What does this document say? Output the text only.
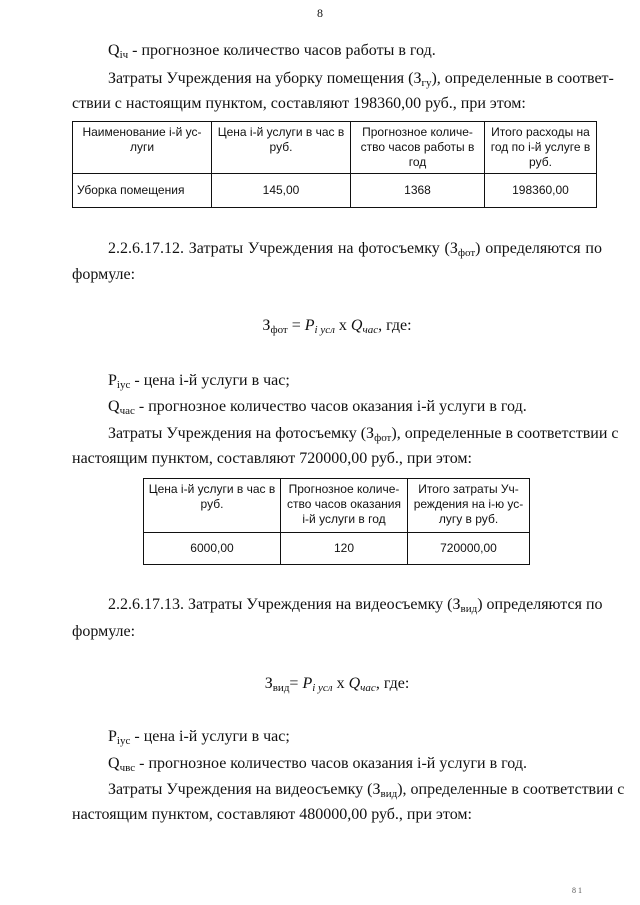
8
$Q_{iч}$ - прогнозное количество часов работы в год.
Затраты Учреждения на уборку помещения $(З_{гу})$, определенные в соответ-
ствии с настоящим пунктом, составляют 198360,00 руб., при этом:
Наименование i-й ус-луги	Цена i-й услуги в час в руб.	Прогнозное количе-ство часов работы в год	Итого расходы на год по i-й услуге в руб.
Уборка помещения	145,00	1368	198360,00
2.2.6.17.12. Затраты Учреждения на фотосъемку $(З_{фот})$ определяются по
формуле:
$З_{фот} = P_{i усл}$ х $Q_{час}$, где:
$P_{iус}$ - цена i-й услуги в час;
$Q_{час}$ - прогнозное количество часов оказания i-й услуги в год.
Затраты Учреждения на фотосъемку $(З_{фот})$, определенные в соответствии с
настоящим пунктом, составляют 720000,00 руб., при этом:
Цена i-й услуги в час в руб.	Прогнозное количе-ство часов оказания i-й услуги в год	Итого затраты Уч-реждения на i-ю ус-лугу в руб.
6000,00	120	720000,00
2.2.6.17.13. Затраты Учреждения на видеосъемку $(З_{вид})$ определяются по
формуле:
$З_{вид}= P_{i усл}$ х $Q_{час}$, где:
$P_{iус}$ - цена i-й услуги в час;
$Q_{чвс}$ - прогнозное количество часов оказания i-й услуги в год.
Затраты Учреждения на видеосъемку $(З_{вид})$, определенные в соответствии с
настоящим пунктом, составляют 480000,00 руб., при этом:
8 1
